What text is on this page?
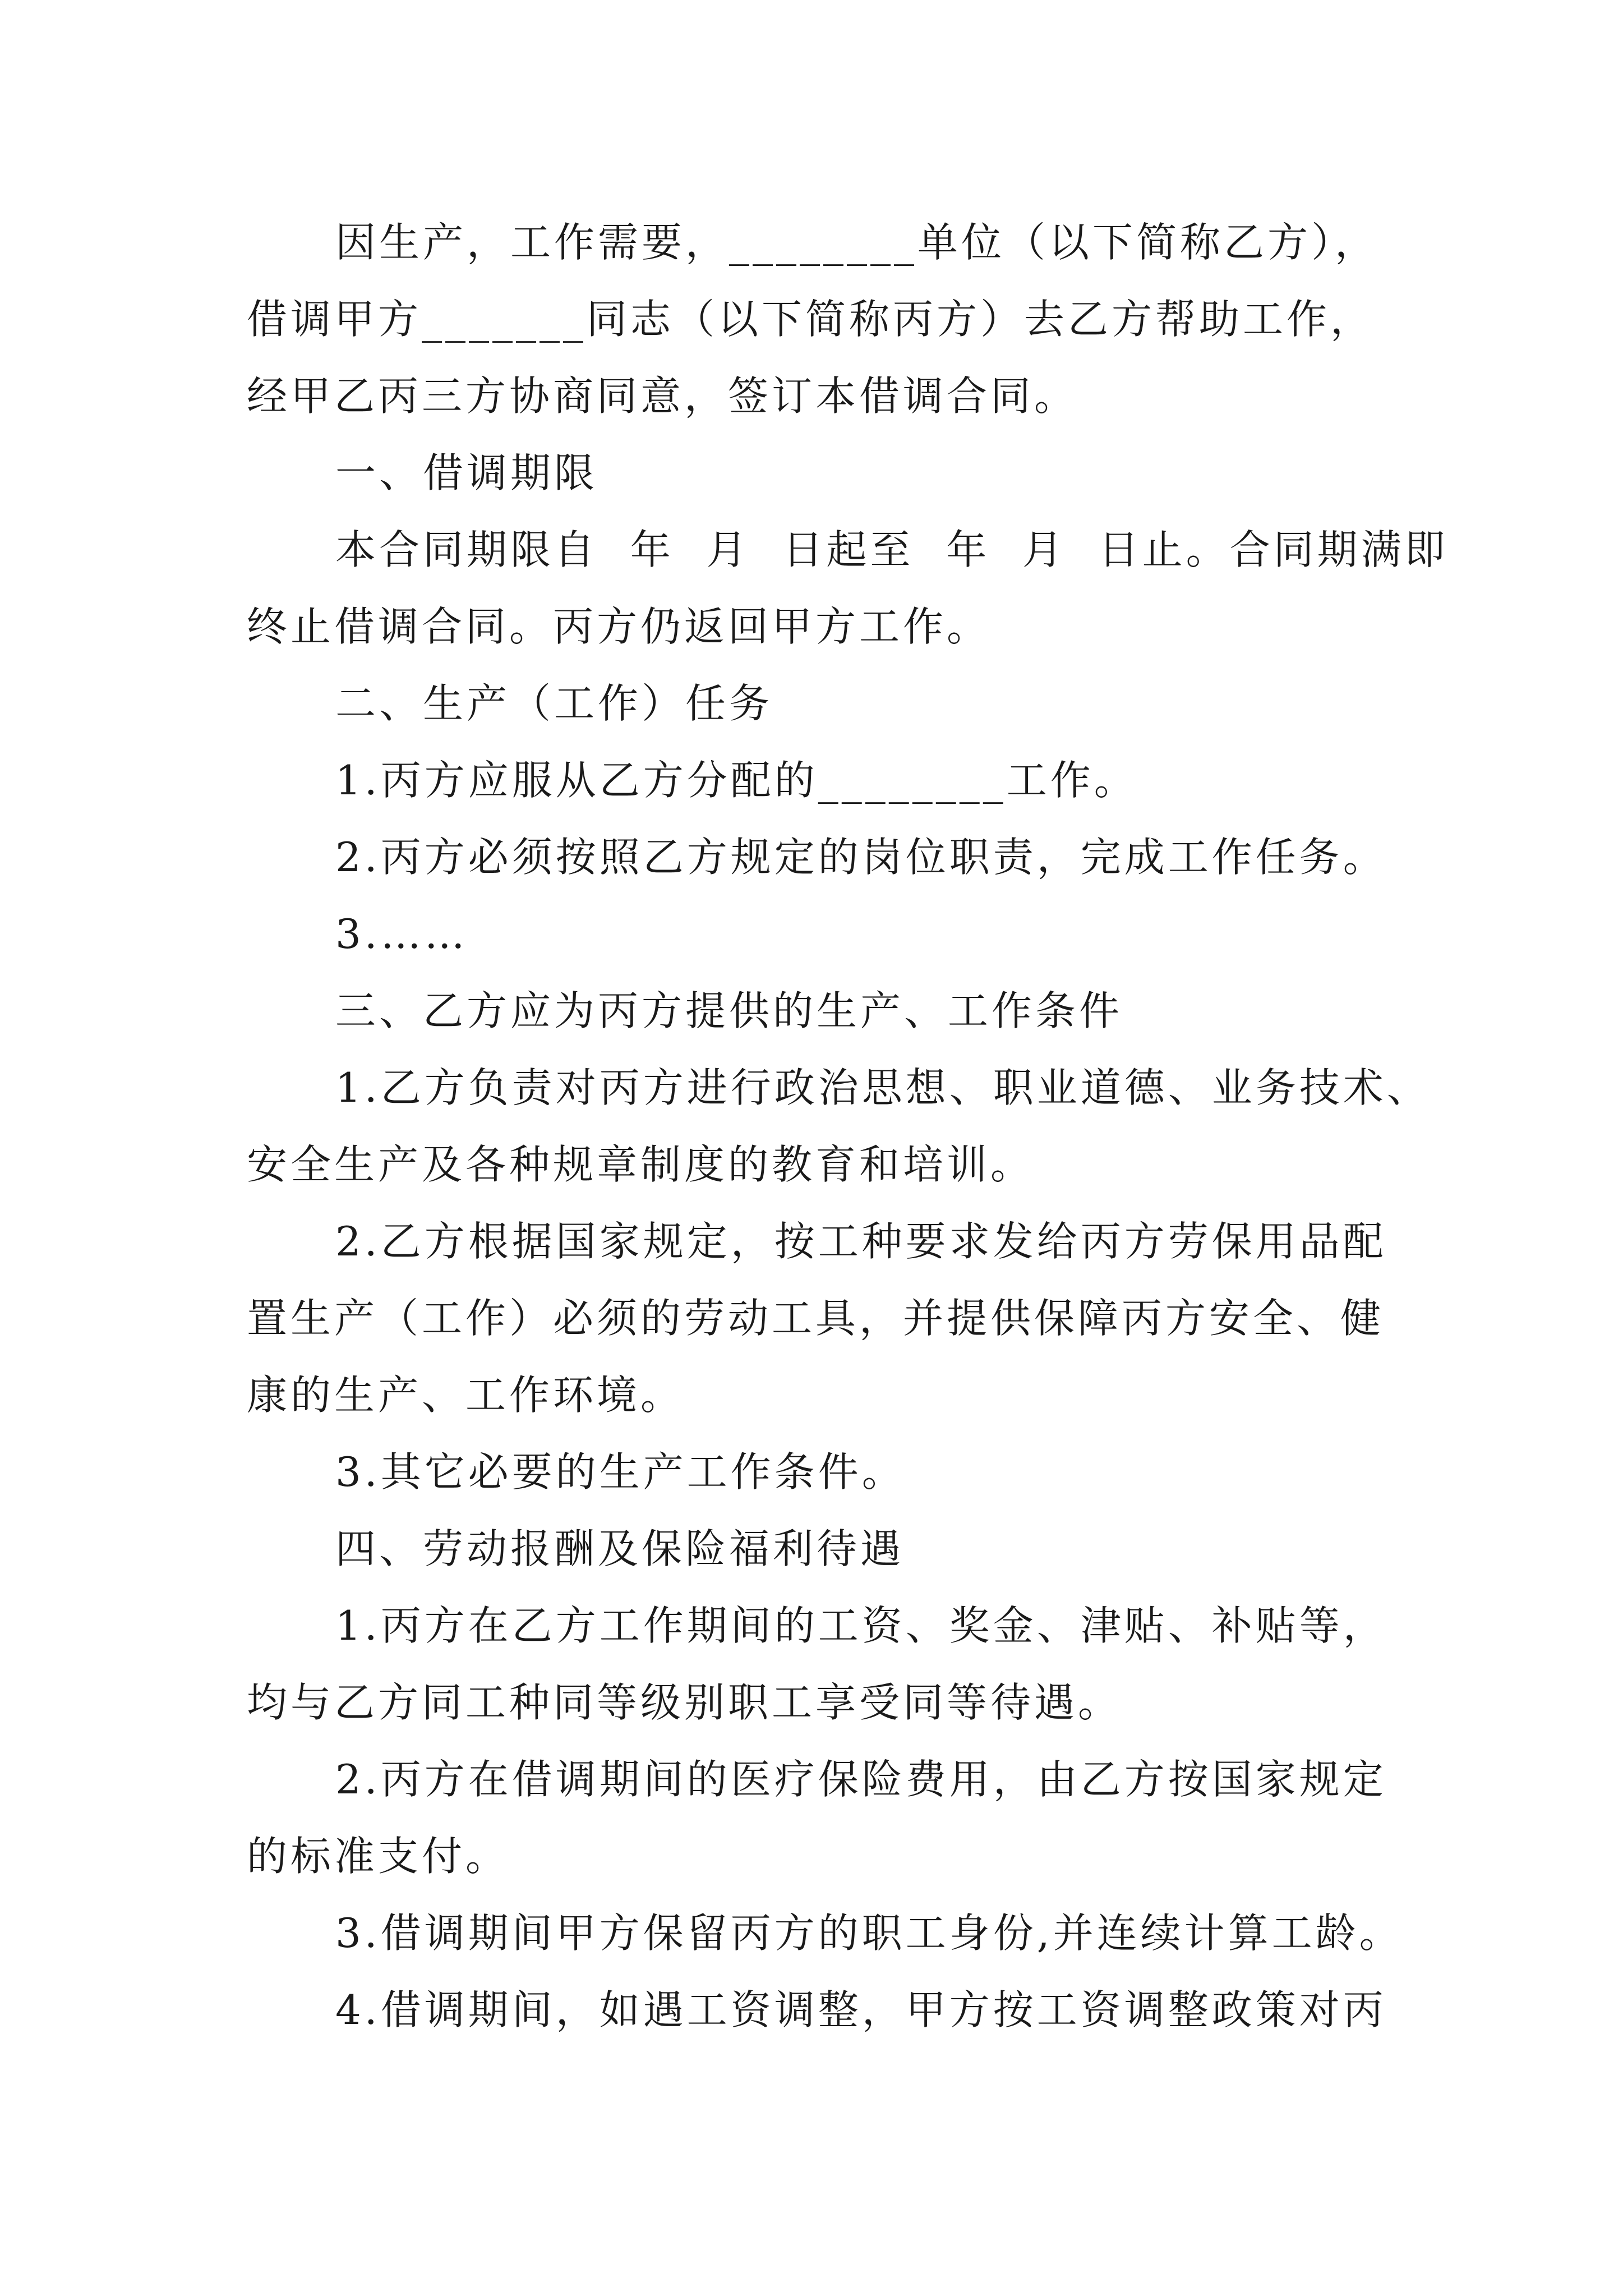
因生产，工作需要，________单位（以下简称乙方），
借调甲方_______同志（以下简称丙方）去乙方帮助工作，
经甲乙丙三方协商同意，签订本借调合同。
一、借调期限
本合同期限自  年  月  日起至  年  月  日止。合同期满即
终止借调合同。丙方仍返回甲方工作。
二、生产（工作）任务
1.丙方应服从乙方分配的________工作。
2.丙方必须按照乙方规定的岗位职责，完成工作任务。
3.……
三、乙方应为丙方提供的生产、工作条件
1.乙方负责对丙方进行政治思想、职业道德、业务技术、
安全生产及各种规章制度的教育和培训。
2.乙方根据国家规定，按工种要求发给丙方劳保用品配
置生产（工作）必须的劳动工具，并提供保障丙方安全、健
康的生产、工作环境。
3.其它必要的生产工作条件。
四、劳动报酬及保险福利待遇
1.丙方在乙方工作期间的工资、奖金、津贴、补贴等，
均与乙方同工种同等级别职工享受同等待遇。
2.丙方在借调期间的医疗保险费用，由乙方按国家规定
的标准支付。
3.借调期间甲方保留丙方的职工身份,并连续计算工龄。
4.借调期间，如遇工资调整，甲方按工资调整政策对丙
